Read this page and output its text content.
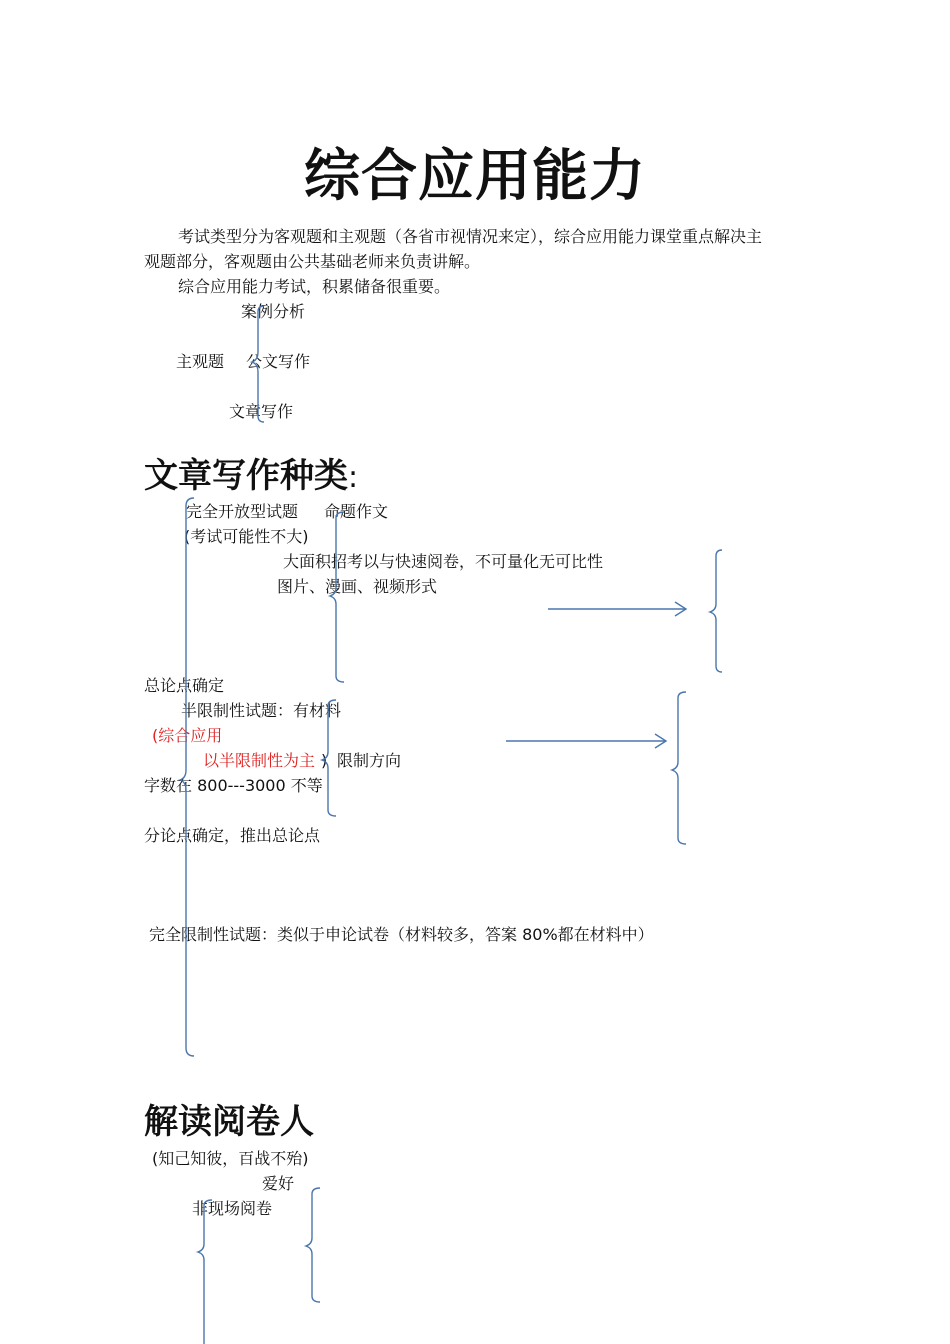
综合应用能力
考试类型分为客观题和主观题（各省市视情况来定），综合应用能力课堂重点解决主
观题部分，客观题由公共基础老师来负责讲解。
综合应用能力考试，积累储备很重要。
案例分析
主观题 公文写作
文章写作
文章写作种类:
完全开放型试题 命题作文
(考试可能性不大)
大面积招考以与快速阅卷，不可量化无可比性
图片、漫画、视频形式
总论点确定
半限制性试题：有材料
(综合应用
以半限制性为主 ) 限制方向
字数在 800---3000 不等
分论点确定，推出总论点
完全限制性试题：类似于申论试卷（材料较多，答案 80%都在材料中）
解读阅卷人
(知己知彼，百战不殆)
爱好
非现场阅卷
